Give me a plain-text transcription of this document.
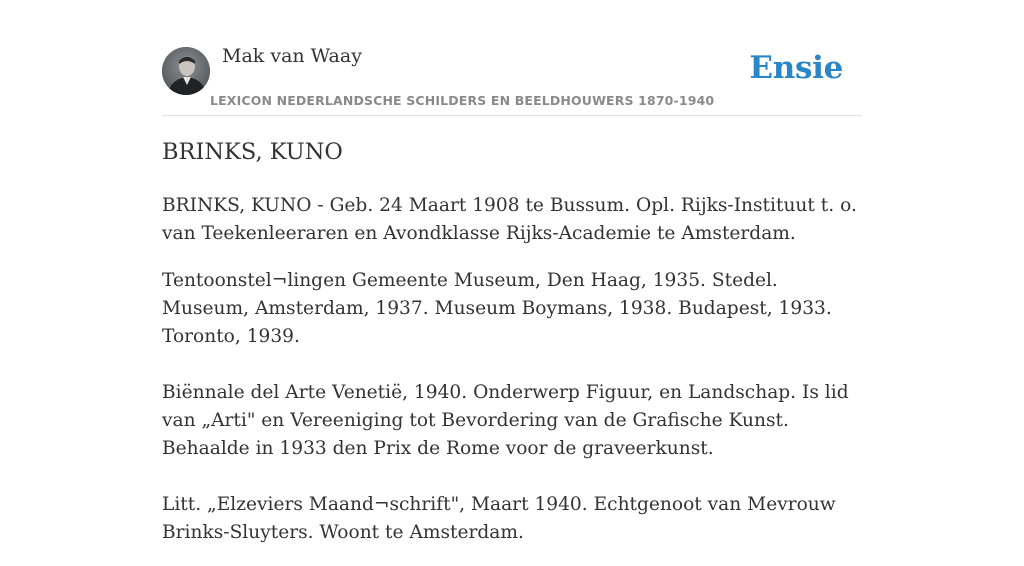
Mak van Waay
LEXICON NEDERLANDSCHE SCHILDERS EN BEELDHOUWERS 1870-1940
Ensie
BRINKS, KUNO

BRINKS, KUNO - Geb. 24 Maart 1908 te Bussum. Opl. Rijks-Instituut t. o. van Teekenleeraren en Avondklasse Rijks-Academie te Amsterdam.

Tentoonstel¬lingen Gemeente Museum, Den Haag, 1935. Stedel. Museum, Amsterdam, 1937. Museum Boymans, 1938. Budapest, 1933. Toronto, 1939.

Biënnale del Arte Venetië, 1940. Onderwerp Figuur, en Landschap. Is lid van „Arti" en Vereeniging tot Bevordering van de Grafische Kunst. Behaalde in 1933 den Prix de Rome voor de graveerkunst.

Litt. „Elzeviers Maand¬schrift", Maart 1940. Echtgenoot van Mevrouw Brinks-Sluyters. Woont te Amsterdam.
